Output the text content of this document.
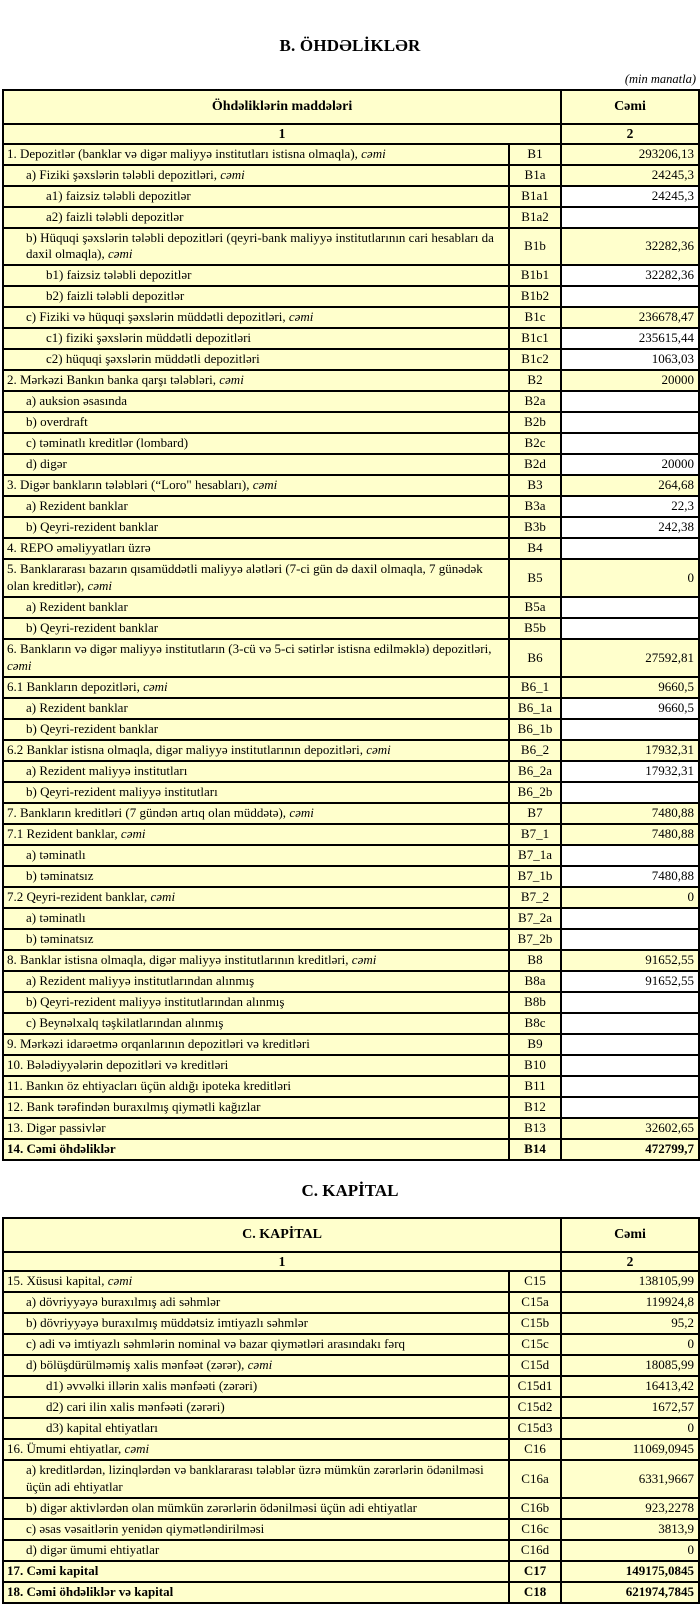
B. ÖHDƏLİKLƏR
(min manatla)
Öhdəliklərin maddələri		Cəmi
1		2
1. Depozitlər (banklar və digər maliyyə institutları istisna olmaqla), cəmi	B1	293206,13
a) Fiziki şəxslərin tələbli depozitləri, cəmi	B1a	24245,3
a1) faizsiz tələbli depozitlər	B1a1	24245,3
a2) faizli tələbli depozitlər	B1a2	
b) Hüquqi şəxslərin tələbli depozitləri (qeyri-bank maliyyə institutlarının cari hesabları da daxil olmaqla), cəmi	B1b	32282,36
b1) faizsiz tələbli depozitlər	B1b1	32282,36
b2) faizli tələbli depozitlər	B1b2	
c) Fiziki və hüquqi şəxslərin müddətli depozitləri, cəmi	B1c	236678,47
c1) fiziki şəxslərin müddətli depozitləri	B1c1	235615,44
c2) hüquqi şəxslərin müddətli depozitləri	B1c2	1063,03
2. Mərkəzi Bankın banka qarşı tələbləri, cəmi	B2	20000
a) auksion əsasında	B2a	
b) overdraft	B2b	
c) təminatlı kreditlər (lombard)	B2c	
d) digər	B2d	20000
3. Digər bankların tələbləri (“Loro" hesabları), cəmi	B3	264,68
a) Rezident banklar	B3a	22,3
b) Qeyri-rezident banklar	B3b	242,38
4. REPO əməliyyatları üzrə	B4	
5. Banklararası bazarın qısamüddətli maliyyə alətləri (7-ci gün də daxil olmaqla, 7 günədək olan kreditlər), cəmi	B5	0
a) Rezident banklar	B5a	
b) Qeyri-rezident banklar	B5b	
6. Bankların və digər maliyyə institutların (3-cü və 5-ci sətirlər istisna edilməklə) depozitləri, cəmi	B6	27592,81
6.1 Bankların depozitləri, cəmi	B6_1	9660,5
a) Rezident banklar	B6_1a	9660,5
b) Qeyri-rezident banklar	B6_1b	
6.2 Banklar istisna olmaqla, digər maliyyə institutlarının depozitləri, cəmi	B6_2	17932,31
a) Rezident maliyyə institutları	B6_2a	17932,31
b) Qeyri-rezident maliyyə institutları	B6_2b	
7. Bankların kreditləri (7 gündən artıq olan müddətə), cəmi	B7	7480,88
7.1 Rezident banklar, cəmi	B7_1	7480,88
a) təminatlı	B7_1a	
b) təminatsız	B7_1b	7480,88
7.2 Qeyri-rezident banklar, cəmi	B7_2	0
a) təminatlı	B7_2a	
b) təminatsız	B7_2b	
8. Banklar istisna olmaqla, digər maliyyə institutlarının kreditləri, cəmi	B8	91652,55
a) Rezident maliyyə institutlarından alınmış	B8a	91652,55
b) Qeyri-rezident maliyyə institutlarından alınmış	B8b	
c) Beynəlxalq təşkilatlarından alınmış	B8c	
9. Mərkəzi idarəetmə orqanlarının depozitləri və kreditləri	B9	
10. Bələdiyyələrin depozitləri və kreditləri	B10	
11. Bankın öz ehtiyacları üçün aldığı ipoteka kreditləri	B11	
12. Bank tərəfindən buraxılmış qiymətli kağızlar	B12	
13. Digər passivlər	B13	32602,65
14. Cəmi öhdəliklər	B14	472799,7
C. KAPİTAL
C. KAPİTAL		Cəmi
1		2
15. Xüsusi kapital, cəmi	C15	138105,99
a) dövriyyəyə buraxılmış adi səhmlər	C15a	119924,8
b) dövriyyəyə buraxılmış müddətsiz imtiyazlı səhmlər	C15b	95,2
c) adi və imtiyazlı səhmlərin nominal və bazar qiymətləri arasındakı fərq	C15c	0
d) bölüşdürülməmiş xalis mənfəət (zərər), cəmi	C15d	18085,99
d1) əvvəlki illərin xalis mənfəəti (zərəri)	C15d1	16413,42
d2) cari ilin xalis mənfəəti (zərəri)	C15d2	1672,57
d3) kapital ehtiyatları	C15d3	0
16. Ümumi ehtiyatlar, cəmi	C16	11069,0945
a) kreditlərdən, lizinqlərdən və banklararası tələblər üzrə mümkün zərərlərin ödənilməsi üçün adi ehtiyatlar	C16a	6331,9667
b) digər aktivlərdən olan mümkün zərərlərin ödənilməsi üçün adi ehtiyatlar	C16b	923,2278
c) əsas vəsaitlərin yenidən qiymətləndirilməsi	C16c	3813,9
d) digər ümumi ehtiyatlar	C16d	0
17. Cəmi kapital	C17	149175,0845
18. Cəmi öhdəliklər və kapital	C18	621974,7845
